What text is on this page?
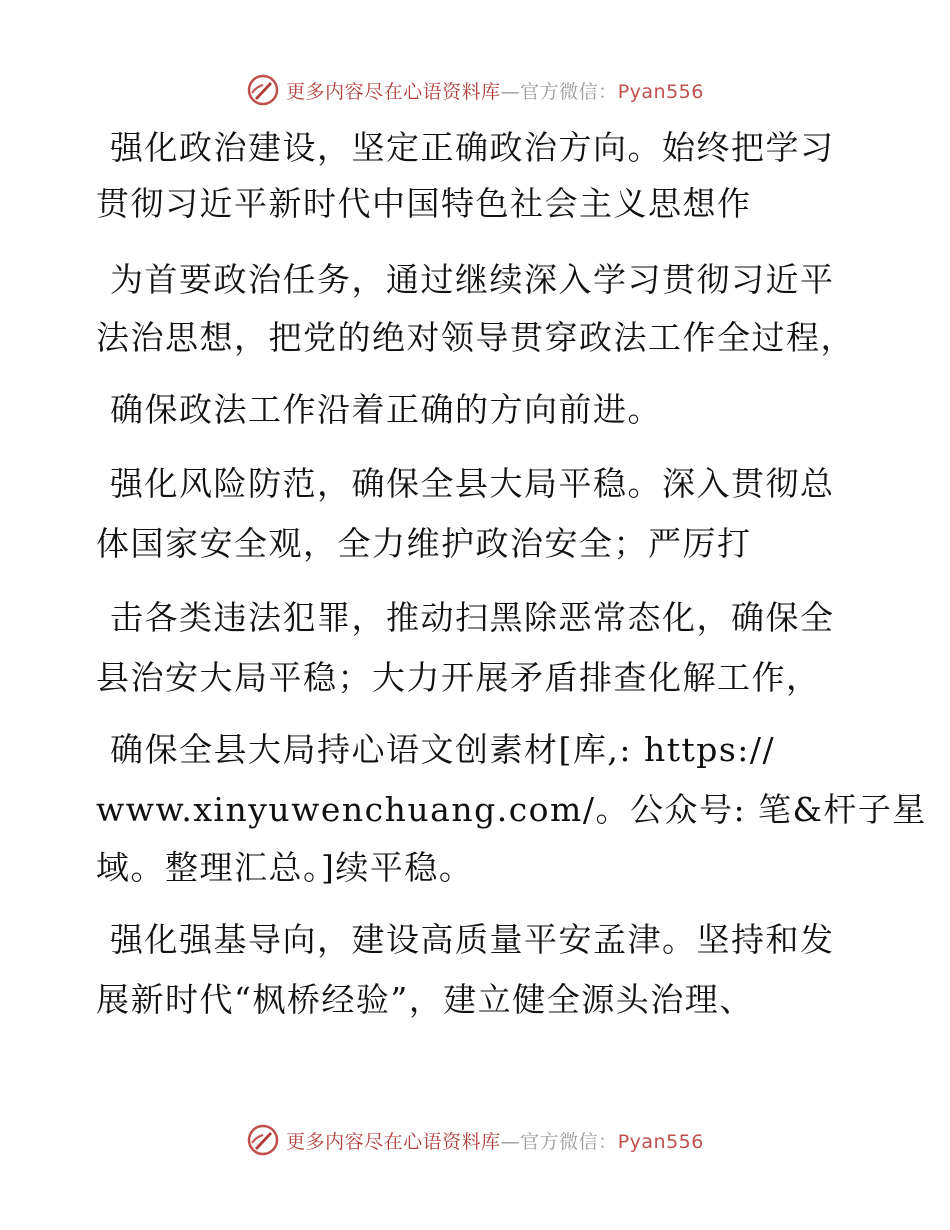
更多内容尽在心语资料库—官方微信：Pyan556
强化政治建设，坚定正确政治方向。始终把学习
贯彻习近平新时代中国特色社会主义思想作
为首要政治任务，通过继续深入学习贯彻习近平
法治思想，把党的绝对领导贯穿政法工作全过程，
确保政法工作沿着正确的方向前进。
强化风险防范，确保全县大局平稳。深入贯彻总
体国家安全观，全力维护政治安全；严厉打
击各类违法犯罪，推动扫黑除恶常态化，确保全
县治安大局平稳；大力开展矛盾排查化解工作，
确保全县大局持心语文创素材[库,: https://
www.xinyuwenchuang.com/。公众号: 笔&杆子星
域。整理汇总。]续平稳。
强化强基导向，建设高质量平安孟津。坚持和发
展新时代“枫桥经验”，建立健全源头治理、
更多内容尽在心语资料库—官方微信：Pyan556
